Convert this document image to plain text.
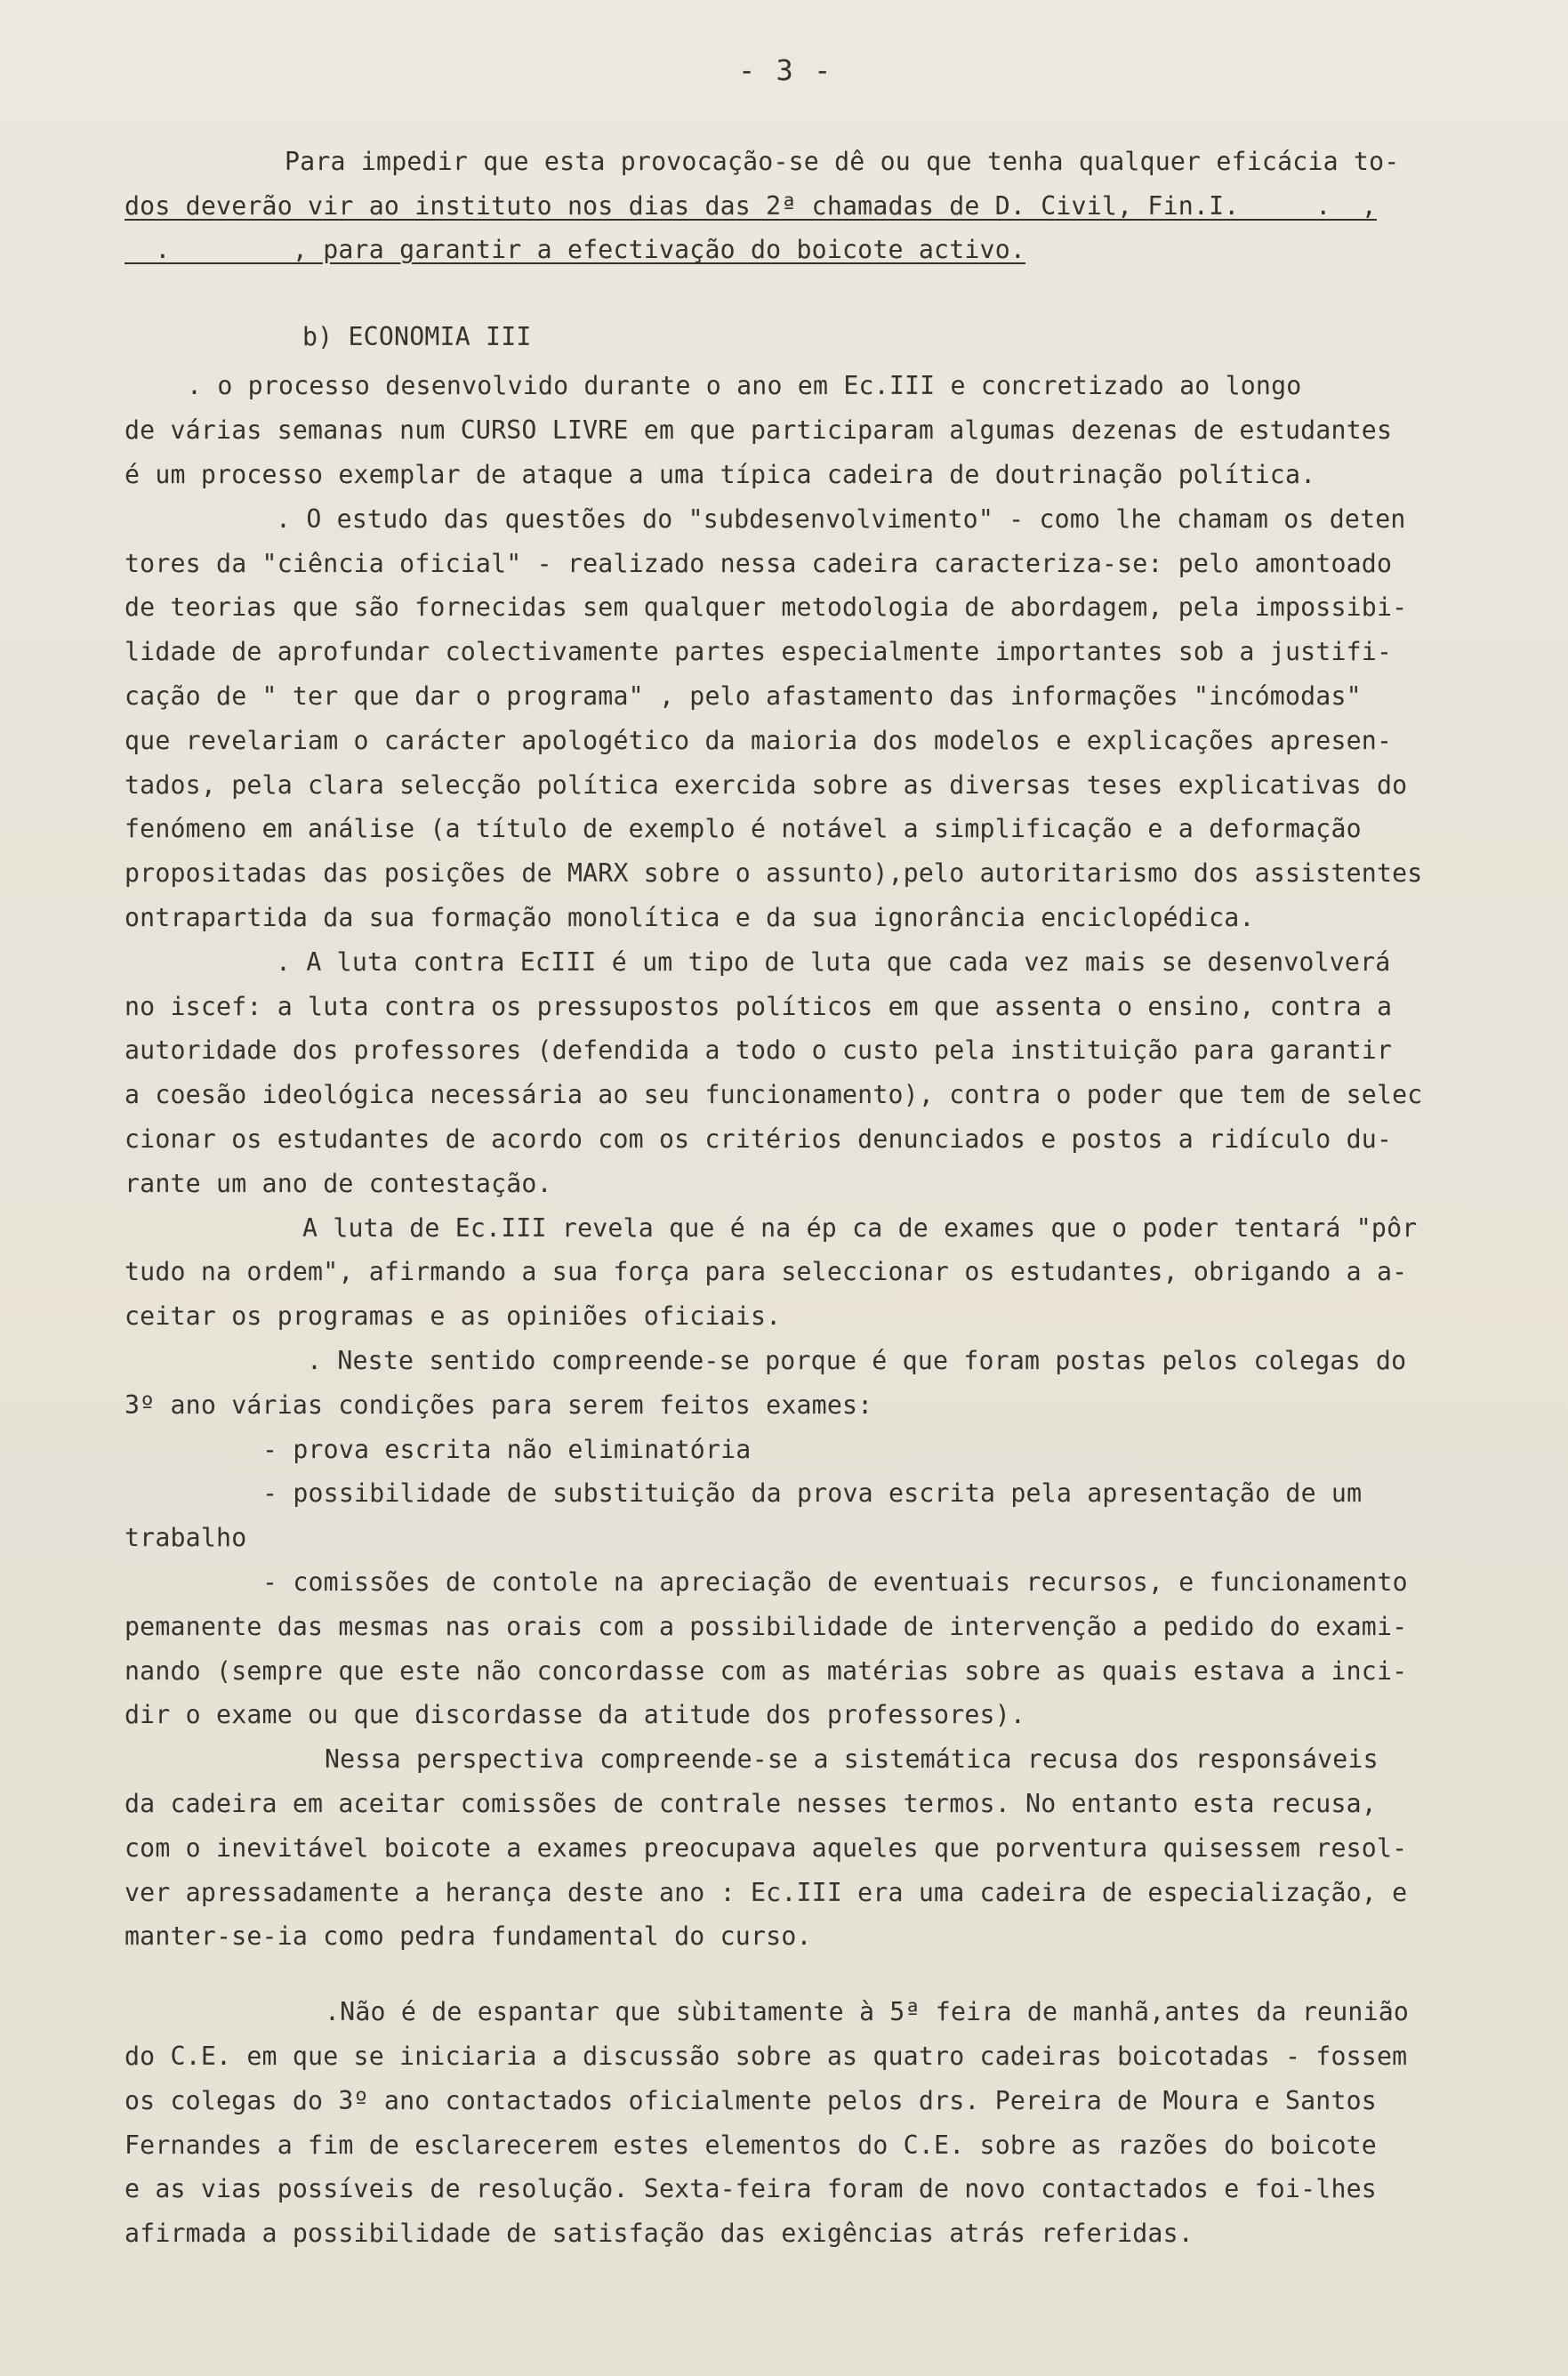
- 3 -
Para impedir que esta provocação-se dê ou que tenha qualquer eficácia to-
dos deverão vir ao instituto nos dias das 2ª chamadas de D. Civil, Fin.I. _ _ . _,
_ . _ _ _ _, para garantir a efectivação do boicote activo.
b) ECONOMIA III
. o processo desenvolvido durante o ano em Ec.III e concretizado ao longo
de várias semanas num CURSO LIVRE em que participaram algumas dezenas de estudantes
é um processo exemplar de ataque a uma típica cadeira de doutrinação política.
. O estudo das questões do "subdesenvolvimento" - como lhe chamam os deten
tores da "ciência oficial" - realizado nessa cadeira caracteriza-se: pelo amontoado
de teorias que são fornecidas sem qualquer metodologia de abordagem, pela impossibi-
lidade de aprofundar colectivamente partes especialmente importantes sob a justifi-
cação de " ter que dar o programa" , pelo afastamento das informações "incómodas"
que revelariam o carácter apologético da maioria dos modelos e explicações apresen-
tados, pela clara selecção política exercida sobre as diversas teses explicativas do
fenómeno em análise (a título de exemplo é notável a simplificação e a deformação
propositadas das posições de MARX sobre o assunto),pelo autoritarismo dos assistentes
ontrapartida da sua formação monolítica e da sua ignorância enciclopédica.
. A luta contra EcIII é um tipo de luta que cada vez mais se desenvolverá
no iscef: a luta contra os pressupostos políticos em que assenta o ensino, contra a
autoridade dos professores (defendida a todo o custo pela instituição para garantir
a coesão ideológica necessária ao seu funcionamento), contra o poder que tem de selec
cionar os estudantes de acordo com os critérios denunciados e postos a ridículo du-
rante um ano de contestação.
A luta de Ec.III revela que é na ép ca de exames que o poder tentará "pôr
tudo na ordem", afirmando a sua força para seleccionar os estudantes, obrigando a a-
ceitar os programas e as opiniões oficiais.
. Neste sentido compreende-se porque é que foram postas pelos colegas do
3º ano várias condições para serem feitos exames:
- prova escrita não eliminatória
- possibilidade de substituição da prova escrita pela apresentação de um
trabalho
- comissões de contole na apreciação de eventuais recursos, e funcionamento
pemanente das mesmas nas orais com a possibilidade de intervenção a pedido do exami-
nando (sempre que este não concordasse com as matérias sobre as quais estava a inci-
dir o exame ou que discordasse da atitude dos professores).
Nessa perspectiva compreende-se a sistemática recusa dos responsáveis
da cadeira em aceitar comissões de contrale nesses termos. No entanto esta recusa,
com o inevitável boicote a exames preocupava aqueles que porventura quisessem resol-
ver apressadamente a herança deste ano : Ec.III era uma cadeira de especialização, e
manter-se-ia como pedra fundamental do curso.
.Não é de espantar que sùbitamente à 5ª feira de manhã,antes da reunião
do C.E. em que se iniciaria a discussão sobre as quatro cadeiras boicotadas - fossem
os colegas do 3º ano contactados oficialmente pelos drs. Pereira de Moura e Santos
Fernandes a fim de esclarecerem estes elementos do C.E. sobre as razões do boicote
e as vias possíveis de resolução. Sexta-feira foram de novo contactados e foi-lhes
afirmada a possibilidade de satisfação das exigências atrás referidas.
